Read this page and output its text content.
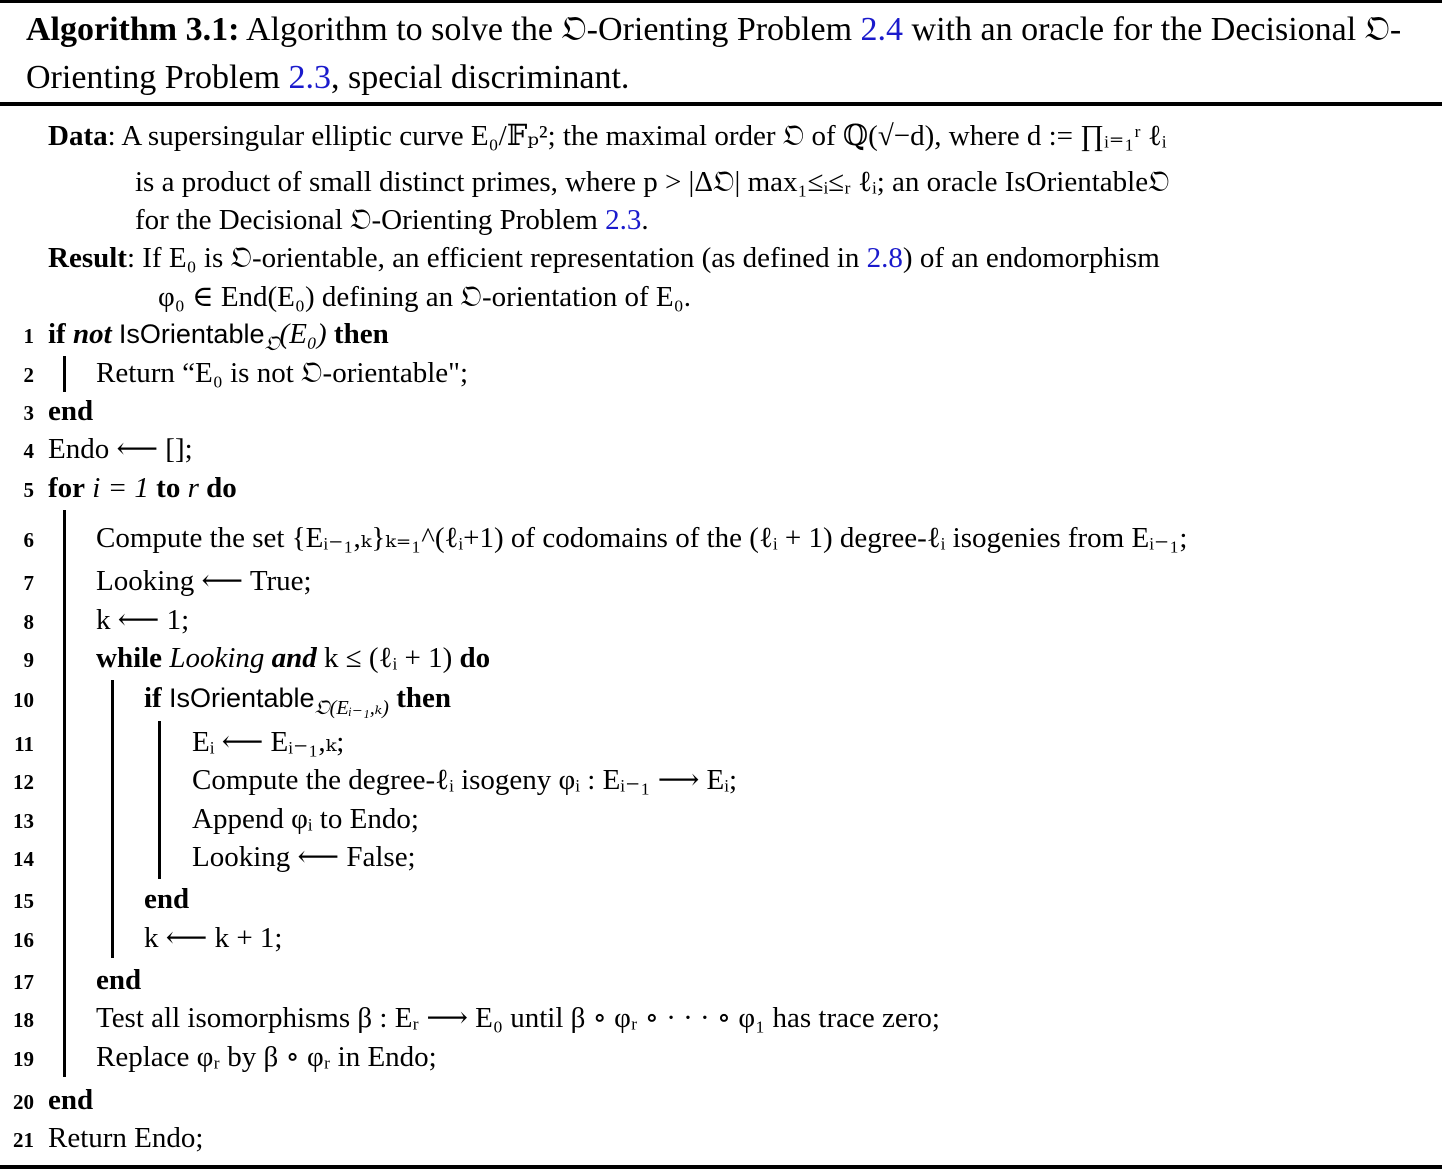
Algorithm 3.1: Algorithm to solve the 𝔒-Orienting Problem 2.4 with an oracle for the Decisional 𝔒-Orienting Problem 2.3, special discriminant.
Data: A supersingular elliptic curve E₀/𝔽ₚ²; the maximal order 𝔒 of ℚ(√−d), where d := ∏ᵢ₌₁ʳ ℓᵢ
is a product of small distinct primes, where p > |Δ𝔒| max₁≤ᵢ≤ᵣ ℓᵢ; an oracle IsOrientable𝔒
for the Decisional 𝔒-Orienting Problem 2.3.
Result: If E₀ is 𝔒-orientable, an efficient representation (as defined in 2.8) of an endomorphism
φ₀ ∈ End(E₀) defining an 𝔒-orientation of E₀.
1
2
3
4
5
6
7
8
9
10
11
12
13
14
15
16
17
18
19
20
21
if not IsOrientable$_𝔒$(E₀) then
Return “E₀ is not 𝔒-orientable";
end
Endo ⟵ [];
for i = 1 to r do
Compute the set {Eᵢ₋₁,ₖ}ₖ₌₁^(ℓᵢ+1) of codomains of the (ℓᵢ + 1) degree-ℓᵢ isogenies from Eᵢ₋₁;
Looking ⟵ True;
k ⟵ 1;
while Looking and k ≤ (ℓᵢ + 1) do
if IsOrientable$_{𝔒(Eᵢ_{-1},_k)}$ then
Eᵢ ⟵ Eᵢ₋₁,ₖ;
Compute the degree-ℓᵢ isogeny φᵢ : Eᵢ₋₁ ⟶ Eᵢ;
Append φᵢ to Endo;
Looking ⟵ False;
end
k ⟵ k + 1;
end
Test all isomorphisms β : Eᵣ ⟶ E₀ until β ∘ φᵣ ∘ · · · ∘ φ₁ has trace zero;
Replace φᵣ by β ∘ φᵣ in Endo;
end
Return Endo;
